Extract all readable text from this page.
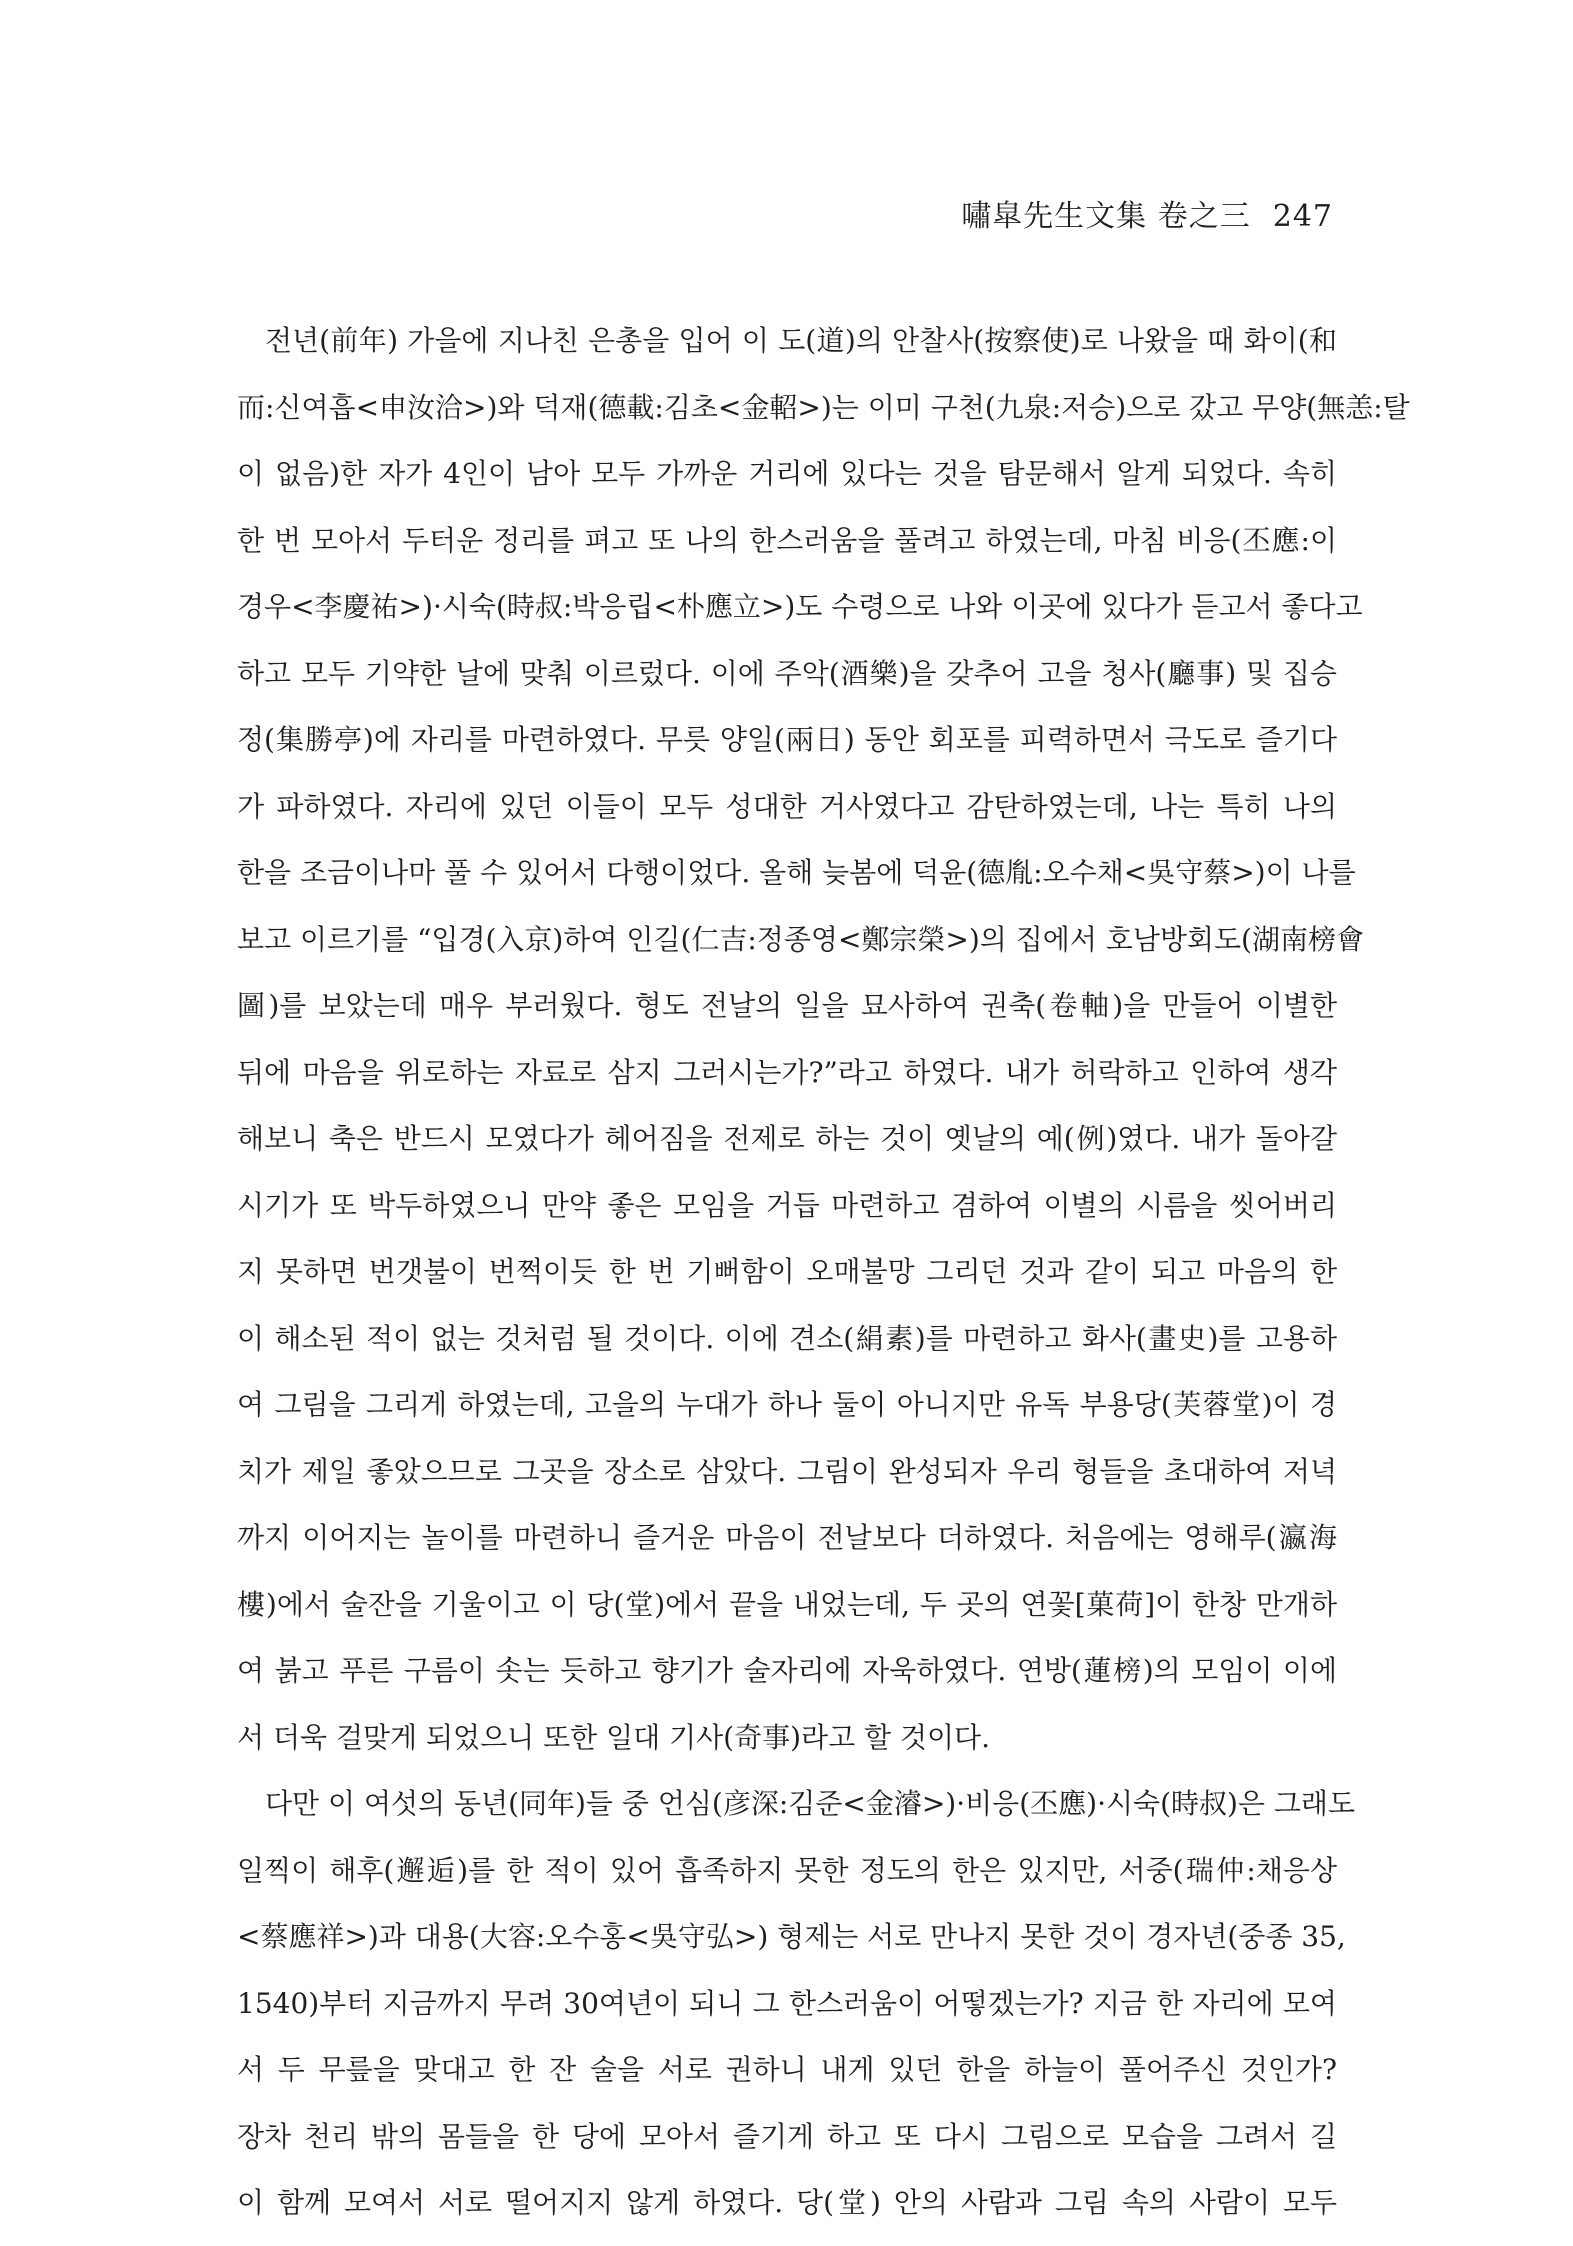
嘯皐先生文集 卷之三 247
전년(前年) 가을에 지나친 은총을 입어 이 도(道)의 안찰사(按察使)로 나왔을 때 화이(和
而:신여흡<申汝洽>)와 덕재(德載:김초<金軺>)는 이미 구천(九泉:저승)으로 갔고 무양(無恙:탈
이 없음)한 자가 4인이 남아 모두 가까운 거리에 있다는 것을 탐문해서 알게 되었다. 속히
한 번 모아서 두터운 정리를 펴고 또 나의 한스러움을 풀려고 하였는데, 마침 비응(丕應:이
경우<李慶祐>)·시숙(時叔:박응립<朴應立>)도 수령으로 나와 이곳에 있다가 듣고서 좋다고
하고 모두 기약한 날에 맞춰 이르렀다. 이에 주악(酒樂)을 갖추어 고을 청사(廳事) 및 집승
정(集勝亭)에 자리를 마련하였다. 무릇 양일(兩日) 동안 회포를 피력하면서 극도로 즐기다
가 파하였다. 자리에 있던 이들이 모두 성대한 거사였다고 감탄하였는데, 나는 특히 나의
한을 조금이나마 풀 수 있어서 다행이었다. 올해 늦봄에 덕윤(德胤:오수채<吳守蔡>)이 나를
보고 이르기를 “입경(入京)하여 인길(仁吉:정종영<鄭宗榮>)의 집에서 호남방회도(湖南榜會
圖)를 보았는데 매우 부러웠다. 형도 전날의 일을 묘사하여 권축(卷軸)을 만들어 이별한
뒤에 마음을 위로하는 자료로 삼지 그러시는가?”라고 하였다. 내가 허락하고 인하여 생각
해보니 축은 반드시 모였다가 헤어짐을 전제로 하는 것이 옛날의 예(例)였다. 내가 돌아갈
시기가 또 박두하였으니 만약 좋은 모임을 거듭 마련하고 겸하여 이별의 시름을 씻어버리
지 못하면 번갯불이 번쩍이듯 한 번 기뻐함이 오매불망 그리던 것과 같이 되고 마음의 한
이 해소된 적이 없는 것처럼 될 것이다. 이에 견소(絹素)를 마련하고 화사(畫史)를 고용하
여 그림을 그리게 하였는데, 고을의 누대가 하나 둘이 아니지만 유독 부용당(芙蓉堂)이 경
치가 제일 좋았으므로 그곳을 장소로 삼았다. 그림이 완성되자 우리 형들을 초대하여 저녁
까지 이어지는 놀이를 마련하니 즐거운 마음이 전날보다 더하였다. 처음에는 영해루(瀛海
樓)에서 술잔을 기울이고 이 당(堂)에서 끝을 내었는데, 두 곳의 연꽃[菓荷]이 한창 만개하
여 붉고 푸른 구름이 솟는 듯하고 향기가 술자리에 자욱하였다. 연방(蓮榜)의 모임이 이에
서 더욱 걸맞게 되었으니 또한 일대 기사(奇事)라고 할 것이다.
다만 이 여섯의 동년(同年)들 중 언심(彦深:김준<金濬>)·비응(丕應)·시숙(時叔)은 그래도
일찍이 해후(邂逅)를 한 적이 있어 흡족하지 못한 정도의 한은 있지만, 서중(瑞仲:채응상
<蔡應祥>)과 대용(大容:오수홍<吳守弘>) 형제는 서로 만나지 못한 것이 경자년(중종 35,
1540)부터 지금까지 무려 30여년이 되니 그 한스러움이 어떻겠는가? 지금 한 자리에 모여
서 두 무릎을 맞대고 한 잔 술을 서로 권하니 내게 있던 한을 하늘이 풀어주신 것인가?
장차 천리 밖의 몸들을 한 당에 모아서 즐기게 하고 또 다시 그림으로 모습을 그려서 길
이 함께 모여서 서로 떨어지지 않게 하였다. 당(堂) 안의 사람과 그림 속의 사람이 모두
